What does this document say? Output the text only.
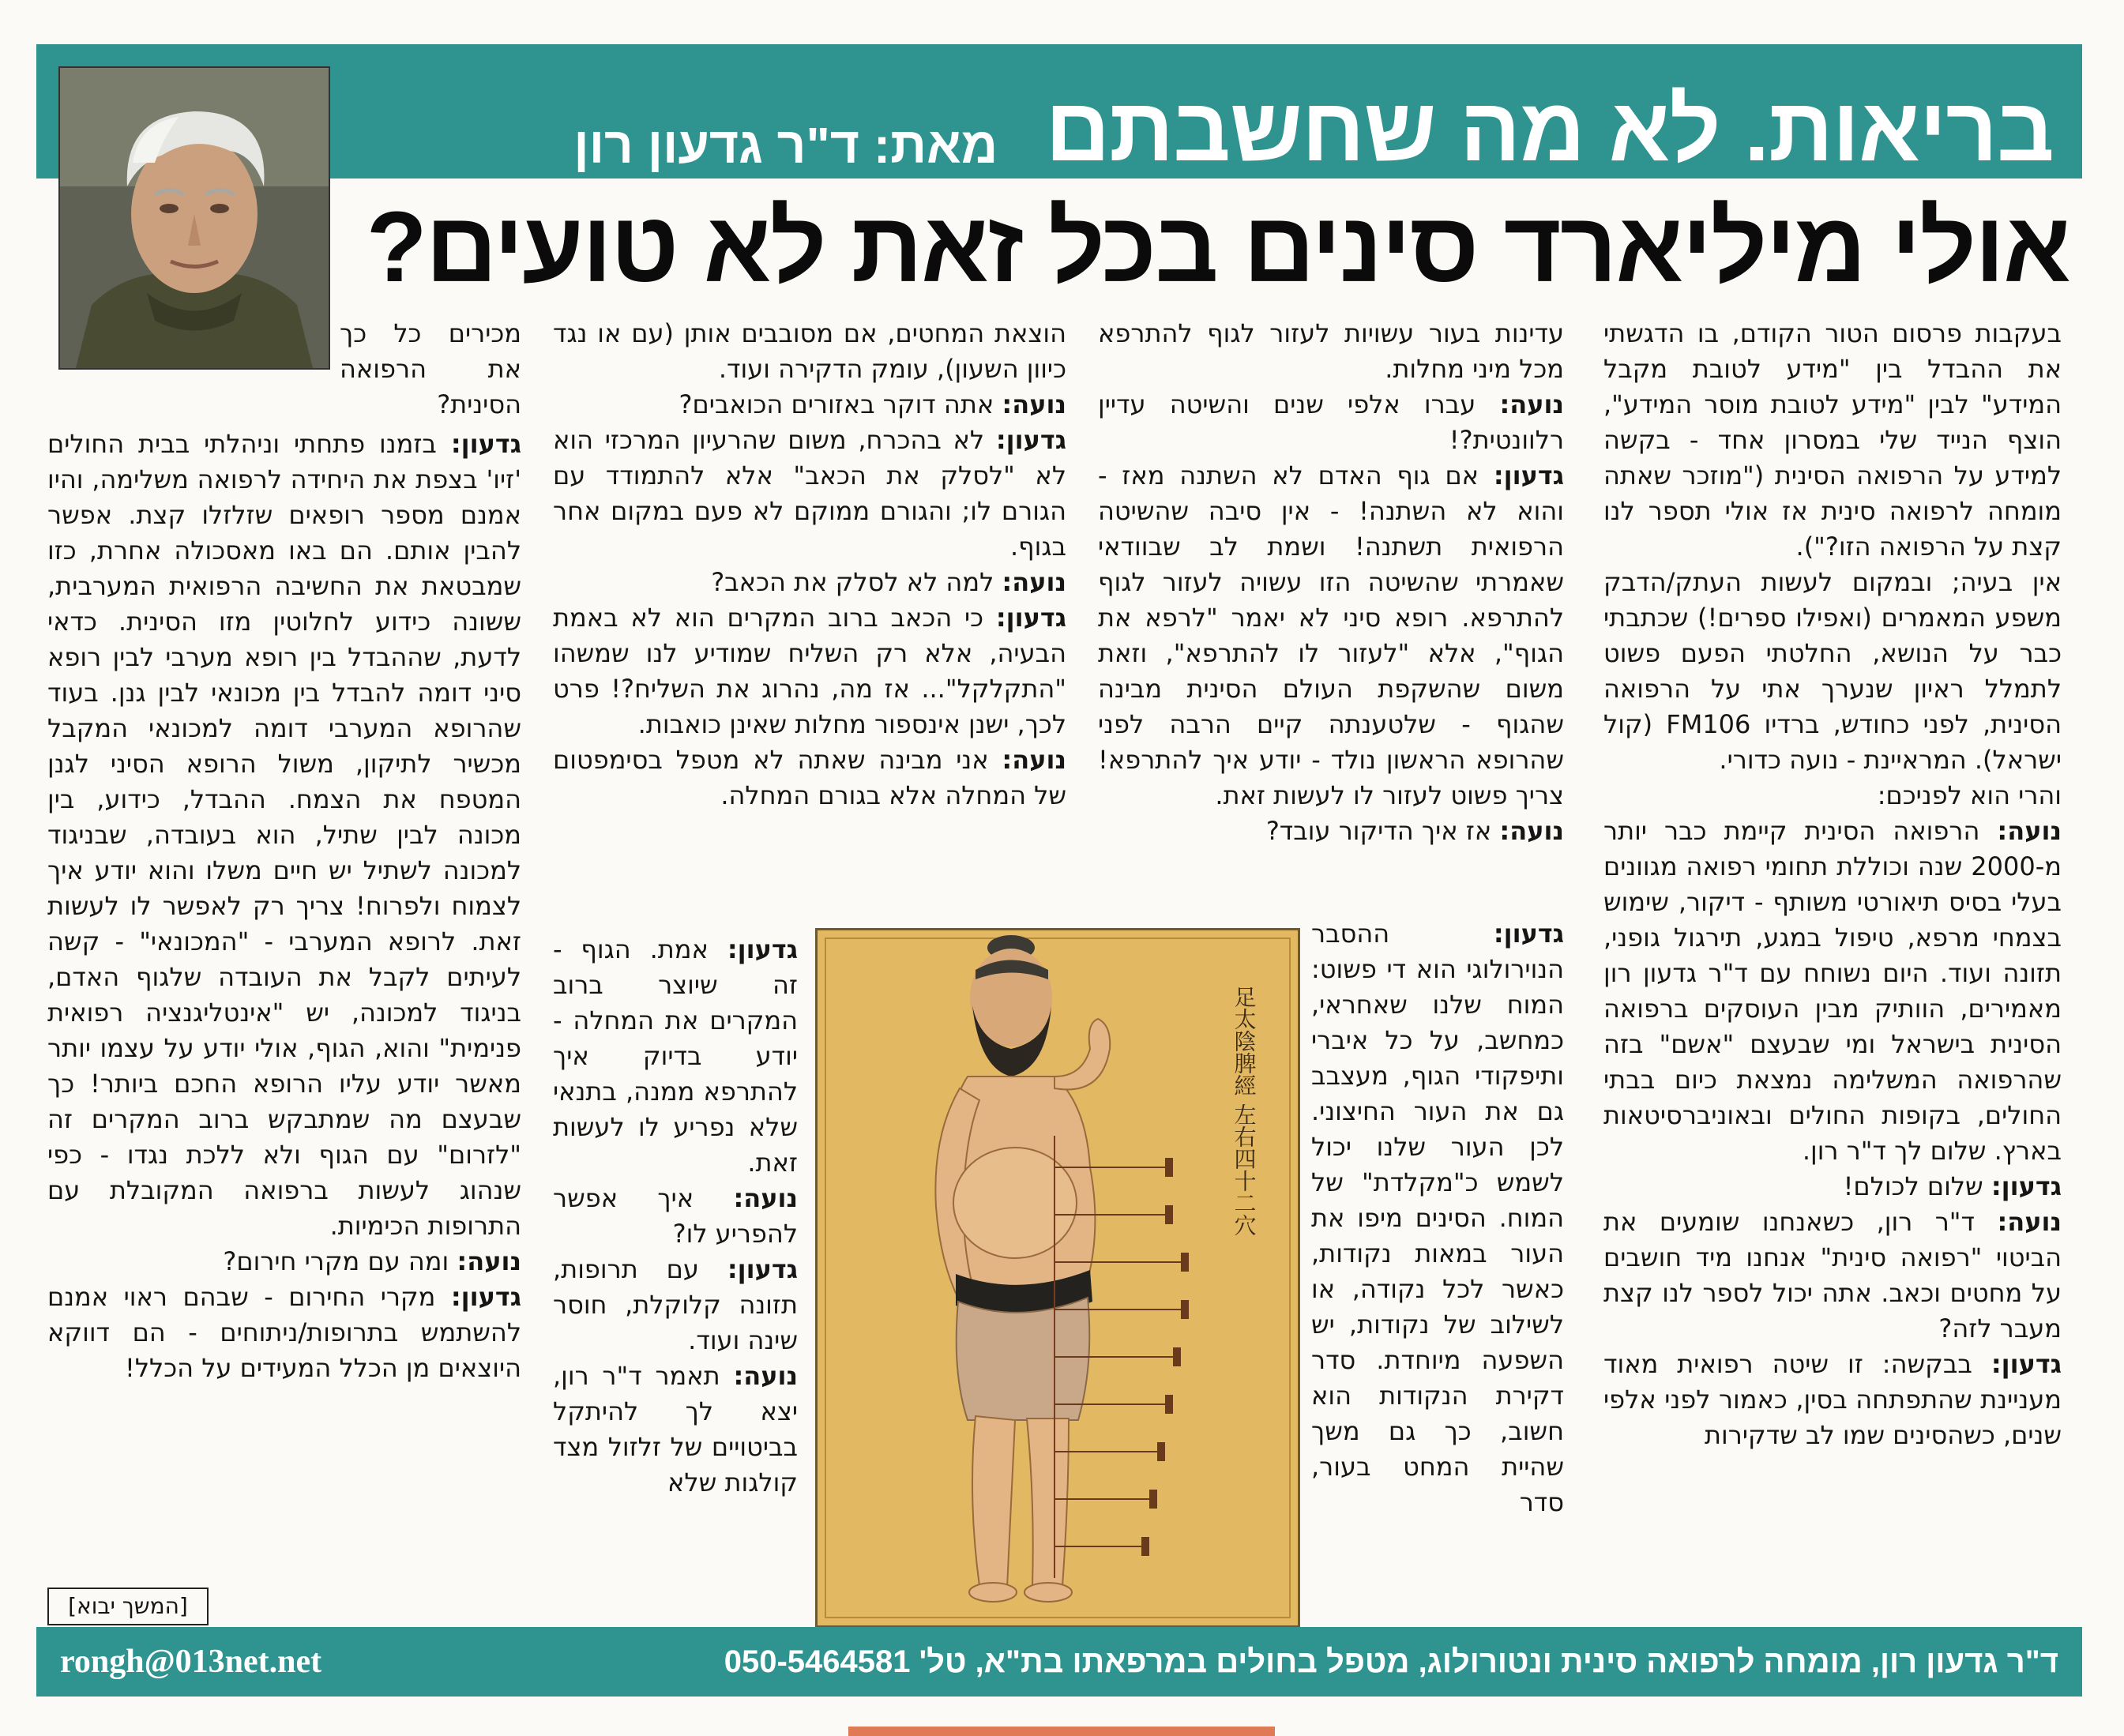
בריאות. לא מה שחשבתם
מאת: ד"ר גדעון רון
אולי מיליארד סינים בכל זאת לא טועים?
בעקבות פרסום הטור הקודם, בו הדגשתי את ההבדל בין "מידע לטובת מקבל המידע" לבין "מידע לטובת מוסר המידע", הוצף הנייד שלי במסרון אחד - בקשה למידע על הרפואה הסינית ("מוזכר שאתה מומחה לרפואה סינית אז אולי תספר לנו קצת על הרפואה הזו?").
אין בעיה; ובמקום לעשות העתק/הדבק משפע המאמרים (ואפילו ספרים!) שכתבתי כבר על הנושא, החלטתי הפעם פשוט לתמלל ראיון שנערך אתי על הרפואה הסינית, לפני כחודש, ברדיו FM106 (קול ישראל). המראיינת - נועה כדורי.
והרי הוא לפניכם:
נועה: הרפואה הסינית קיימת כבר יותר מ-2000 שנה וכוללת תחומי רפואה מגוונים בעלי בסיס תיאורטי משותף - דיקור, שימוש בצמחי מרפא, טיפול במגע, תירגול גופני, תזונה ועוד. היום נשוחח עם ד"ר גדעון רון מאמירים, הוותיק מבין העוסקים ברפואה הסינית בישראל ומי שבעצם "אשם" בזה שהרפואה המשלימה נמצאת כיום בבתי החולים, בקופות החולים ובאוניברסיטאות בארץ. שלום לך ד"ר רון.
גדעון: שלום לכולם!
נועה: ד"ר רון, כשאנחנו שומעים את הביטוי "רפואה סינית" אנחנו מיד חושבים על מחטים וכאב. אתה יכול לספר לנו קצת מעבר לזה?
גדעון: בבקשה: זו שיטה רפואית מאוד מעניינת שהתפתחה בסין, כאמור לפני אלפי שנים, כשהסינים שמו לב שדקירות
עדינות בעור עשויות לעזור לגוף להתרפא מכל מיני מחלות.
נועה: עברו אלפי שנים והשיטה עדיין רלוונטית?!
גדעון: אם גוף האדם לא השתנה מאז - והוא לא השתנה! - אין סיבה שהשיטה הרפואית תשתנה! ושמת לב שבוודאי שאמרתי שהשיטה הזו עשויה לעזור לגוף להתרפא. רופא סיני לא יאמר "לרפא את הגוף", אלא "לעזור לו להתרפא", וזאת משום שהשקפת העולם הסינית מבינה שהגוף - שלטענתה קיים הרבה לפני שהרופא הראשון נולד - יודע איך להתרפא! צריך פשוט לעזור לו לעשות זאת.
נועה: אז איך הדיקור עובד?
גדעון: ההסבר הנוירולוגי הוא די פשוט: המוח שלנו שאחראי, כמחשב, על כל איברי ותיפקודי הגוף, מעצבב גם את העור החיצוני. לכן העור שלנו יכול לשמש כ"מקלדת" של המוח. הסינים מיפו את העור במאות נקודות, כאשר לכל נקודה, או לשילוב של נקודות, יש השפעה מיוחדת. סדר דקירת הנקודות הוא חשוב, כך גם משך שהיית המחט בעור, סדר
הוצאת המחטים, אם מסובבים אותן (עם או נגד כיוון השעון), עומק הדקירה ועוד.
נועה: אתה דוקר באזורים הכואבים?
גדעון: לא בהכרח, משום שהרעיון המרכזי הוא לא "לסלק את הכאב" אלא להתמודד עם הגורם לו; והגורם ממוקם לא פעם במקום אחר בגוף.
נועה: למה לא לסלק את הכאב?
גדעון: כי הכאב ברוב המקרים הוא לא באמת הבעיה, אלא רק השליח שמודיע לנו שמשהו "התקלקל"... אז מה, נהרוג את השליח?! פרט לכך, ישנן אינספור מחלות שאינן כואבות.
נועה: אני מבינה שאתה לא מטפל בסימפטום של המחלה אלא בגורם המחלה.
גדעון: אמת. הגוף - זה שיוצר ברוב המקרים את המחלה - יודע בדיוק איך להתרפא ממנה, בתנאי שלא נפריע לו לעשות זאת.
נועה: איך אפשר להפריע לו?
גדעון: עם תרופות, תזונה קלוקלת, חוסר שינה ועוד.
נועה: תאמר ד"ר רון, יצא לך להיתקל בביטויים של זלזול מצד קולגות שלא
מכירים כל כך את הרפואה הסינית?
גדעון: בזמנו פתחתי וניהלתי בבית החולים 'זיו' בצפת את היחידה לרפואה משלימה, והיו אמנם מספר רופאים שזלזלו קצת. אפשר להבין אותם. הם באו מאסכולה אחרת, כזו שמבטאת את החשיבה הרפואית המערבית, ששונה כידוע לחלוטין מזו הסינית. כדאי לדעת, שההבדל בין רופא מערבי לבין רופא סיני דומה להבדל בין מכונאי לבין גנן. בעוד שהרופא המערבי דומה למכונאי המקבל מכשיר לתיקון, משול הרופא הסיני לגנן המטפח את הצמח. ההבדל, כידוע, בין מכונה לבין שתיל, הוא בעובדה, שבניגוד למכונה לשתיל יש חיים משלו והוא יודע איך לצמוח ולפרוח! צריך רק לאפשר לו לעשות זאת. לרופא המערבי - "המכונאי" - קשה לעיתים לקבל את העובדה שלגוף האדם, בניגוד למכונה, יש "אינטליגנציה רפואית פנימית" והוא, הגוף, אולי יודע על עצמו יותר מאשר יודע עליו הרופא החכם ביותר! כך שבעצם מה שמתבקש ברוב המקרים זה "לזרום" עם הגוף ולא ללכת נגדו - כפי שנהוג לעשות ברפואה המקובלת עם התרופות הכימיות.
נועה: ומה עם מקרי חירום?
גדעון: מקרי החירום - שבהם ראוי אמנם להשתמש בתרופות/ניתוחים - הם דווקא היוצאים מן הכלל המעידים על הכלל!
[המשך יבוא]
足太陰脾經 左右四十二穴
ד"ר גדעון רון, מומחה לרפואה סינית ונטורולוג, מטפל בחולים במרפאתו בת"א, טל' 050-5464581
rongh@013net.net
